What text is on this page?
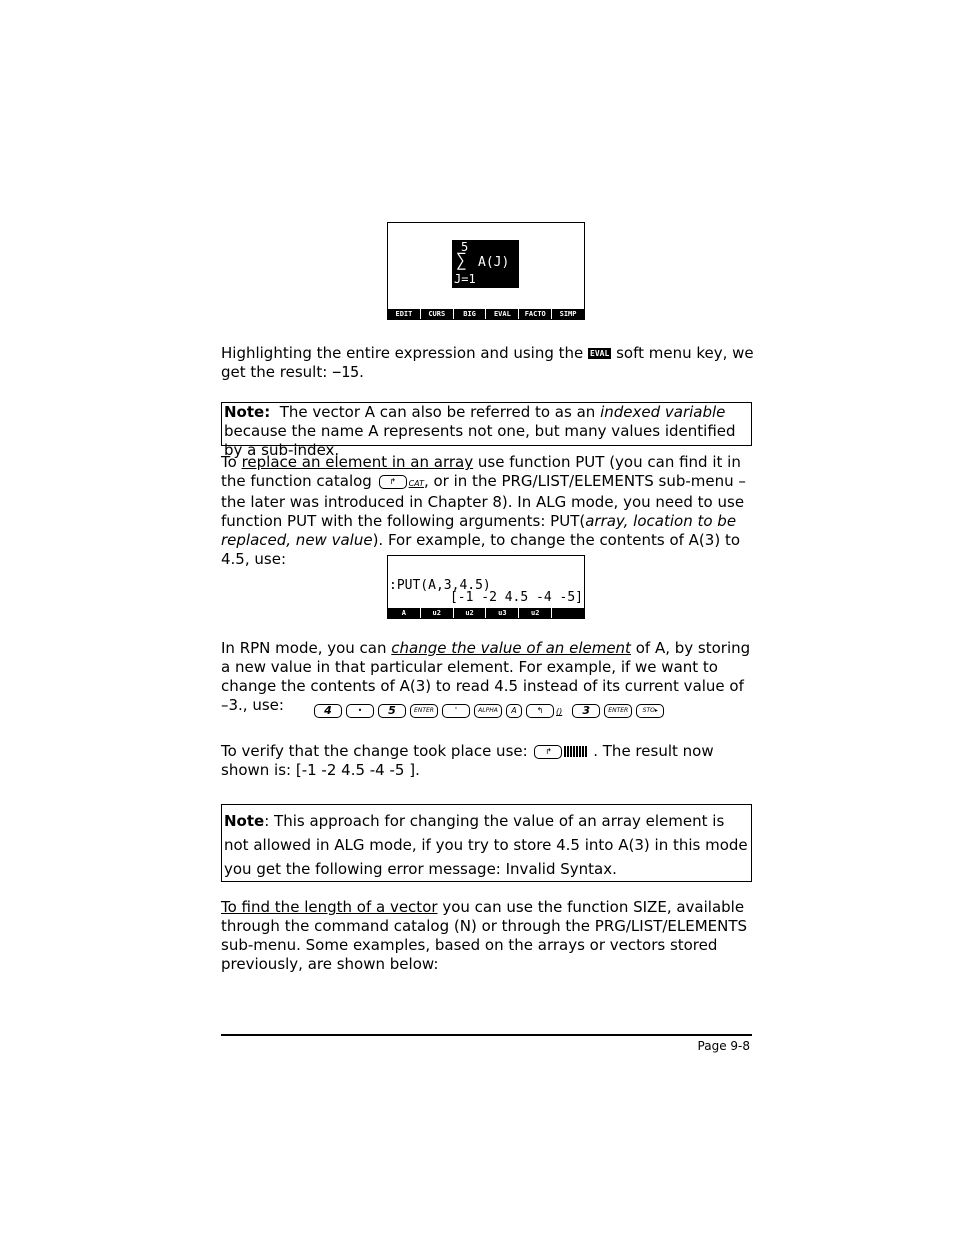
5
∑ A(J)
J=1
EDIT	CURS	BIG	EVAL	FACTO	SIMP
Highlighting the entire expression and using the EVAL soft menu key, we get the result: −15.
Note: The vector A can also be referred to as an indexed variable because the name A represents not one, but many values identified by a sub-index.
To replace an element in an array use function PUT (you can find it in the function catalog ↱ CAT, or in the PRG/LIST/ELEMENTS sub-menu – the later was introduced in Chapter 8). In ALG mode, you need to use function PUT with the following arguments: PUT(array, location to be replaced, new value). For example, to change the contents of A(3) to 4.5, use:
:PUT(A,3,4.5)
[-1 -2 4.5 -4 -5]
A	u2	u2	u3	u2
In RPN mode, you can change the value of an element of A, by storing a new value in that particular element. For example, if we want to change the contents of A(3) to read 4.5 instead of its current value of –3., use:	4	• 5	ENTER	'	ALPHA A ↰ () 3	ENTER STO▸
To verify that the change took place use: ↱	. The result now shown is: [-1 -2 4.5 -4 -5 ].
Note: This approach for changing the value of an array element is not allowed in ALG mode, if you try to store 4.5 into A(3) in this mode you get the following error message: Invalid Syntax.
To find the length of a vector you can use the function SIZE, available through the command catalog (N) or through the PRG/LIST/ELEMENTS sub-menu. Some examples, based on the arrays or vectors stored previously, are shown below:
Page 9-8
